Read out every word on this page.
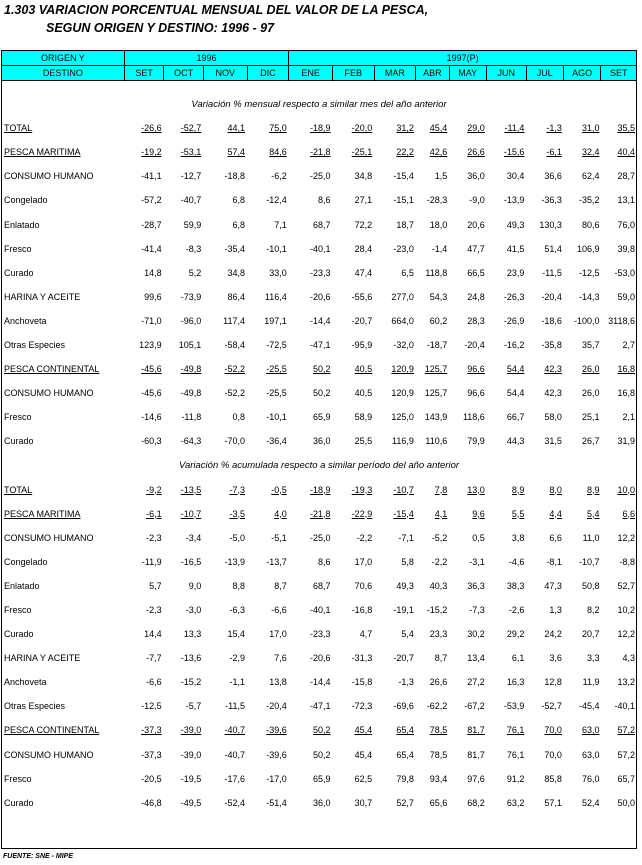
1.303 VARIACION PORCENTUAL MENSUAL DEL VALOR DE LA PESCA,
SEGUN ORIGEN Y DESTINO: 1996 - 97
ORIGEN Y	1996				1997(P)								
DESTINO	SET	OCT	NOV	DIC	ENE	FEB	MAR	ABR	MAY	JUN	JUL	AGO	SET
Variación % mensual respecto a similar mes del año anterior													
TOTAL	-26,6	-52,7	44,1	75,0	-18,9	-20,0	31,2	45,4	29,0	-11,4	-1,3	31,0	35,5
PESCA MARITIMA	-19,2	-53,1	57,4	84,6	-21,8	-25,1	22,2	42,6	26,6	-15,6	-6,1	32,4	40,4
CONSUMO HUMANO	-41,1	-12,7	-18,8	-6,2	-25,0	34,8	-15,4	1,5	36,0	30,4	36,6	62,4	28,7
Congelado	-57,2	-40,7	6,8	-12,4	8,6	27,1	-15,1	-28,3	-9,0	-13,9	-36,3	-35,2	13,1
Enlatado	-28,7	59,9	6,8	7,1	68,7	72,2	18,7	18,0	20,6	49,3	130,3	80,6	76,0
Fresco	-41,4	-8,3	-35,4	-10,1	-40,1	28,4	-23,0	-1,4	47,7	41,5	51,4	106,9	39,8
Curado	14,8	5,2	34,8	33,0	-23,3	47,4	6,5	118,8	66,5	23,9	-11,5	-12,5	-53,0
HARINA Y ACEITE	99,6	-73,9	86,4	116,4	-20,6	-55,6	277,0	54,3	24,8	-26,3	-20,4	-14,3	59,0
Anchoveta	-71,0	-96,0	117,4	197,1	-14,4	-20,7	664,0	60,2	28,3	-26,9	-18,6	-100,0	3118,6
Otras Especies	123,9	105,1	-58,4	-72,5	-47,1	-95,9	-32,0	-18,7	-20,4	-16,2	-35,8	35,7	2,7
PESCA CONTINENTAL	-45,6	-49,8	-52,2	-25,5	50,2	40,5	120,9	125,7	96,6	54,4	42,3	26,0	16,8
CONSUMO HUMANO	-45,6	-49,8	-52,2	-25,5	50,2	40,5	120,9	125,7	96,6	54,4	42,3	26,0	16,8
Fresco	-14,6	-11,8	0,8	-10,1	65,9	58,9	125,0	143,9	118,6	66,7	58,0	25,1	2,1
Curado	-60,3	-64,3	-70,0	-36,4	36,0	25,5	116,9	110,6	79,9	44,3	31,5	26,7	31,9
Variación % acumulada respecto a similar período del año anterior													
TOTAL	-9,2	-13,5	-7,3	-0,5	-18,9	-19,3	-10,7	7,8	13,0	8,9	8,0	8,9	10,0
PESCA MARITIMA	-6,1	-10,7	-3,5	4,0	-21,8	-22,9	-15,4	4,1	9,6	5,5	4,4	5,4	6,6
CONSUMO HUMANO	-2,3	-3,4	-5,0	-5,1	-25,0	-2,2	-7,1	-5,2	0,5	3,8	6,6	11,0	12,2
Congelado	-11,9	-16,5	-13,9	-13,7	8,6	17,0	5,8	-2,2	-3,1	-4,6	-8,1	-10,7	-8,8
Enlatado	5,7	9,0	8,8	8,7	68,7	70,6	49,3	40,3	36,3	38,3	47,3	50,8	52,7
Fresco	-2,3	-3,0	-6,3	-6,6	-40,1	-16,8	-19,1	-15,2	-7,3	-2,6	1,3	8,2	10,2
Curado	14,4	13,3	15,4	17,0	-23,3	4,7	5,4	23,3	30,2	29,2	24,2	20,7	12,2
HARINA Y ACEITE	-7,7	-13,6	-2,9	7,6	-20,6	-31,3	-20,7	8,7	13,4	6,1	3,6	3,3	4,3
Anchoveta	-6,6	-15,2	-1,1	13,8	-14,4	-15,8	-1,3	26,6	27,2	16,3	12,8	11,9	13,2
Otras Especies	-12,5	-5,7	-11,5	-20,4	-47,1	-72,3	-69,6	-62,2	-67,2	-53,9	-52,7	-45,4	-40,1
PESCA CONTINENTAL	-37,3	-39,0	-40,7	-39,6	50,2	45,4	65,4	78,5	81,7	76,1	70,0	63,0	57,2
CONSUMO HUMANO	-37,3	-39,0	-40,7	-39,6	50,2	45,4	65,4	78,5	81,7	76,1	70,0	63,0	57,2
Fresco	-20,5	-19,5	-17,6	-17,0	65,9	62,5	79,8	93,4	97,6	91,2	85,8	76,0	65,7
Curado	-46,8	-49,5	-52,4	-51,4	36,0	30,7	52,7	65,6	68,2	63,2	57,1	52,4	50,0
FUENTE: SNE - MIPE
